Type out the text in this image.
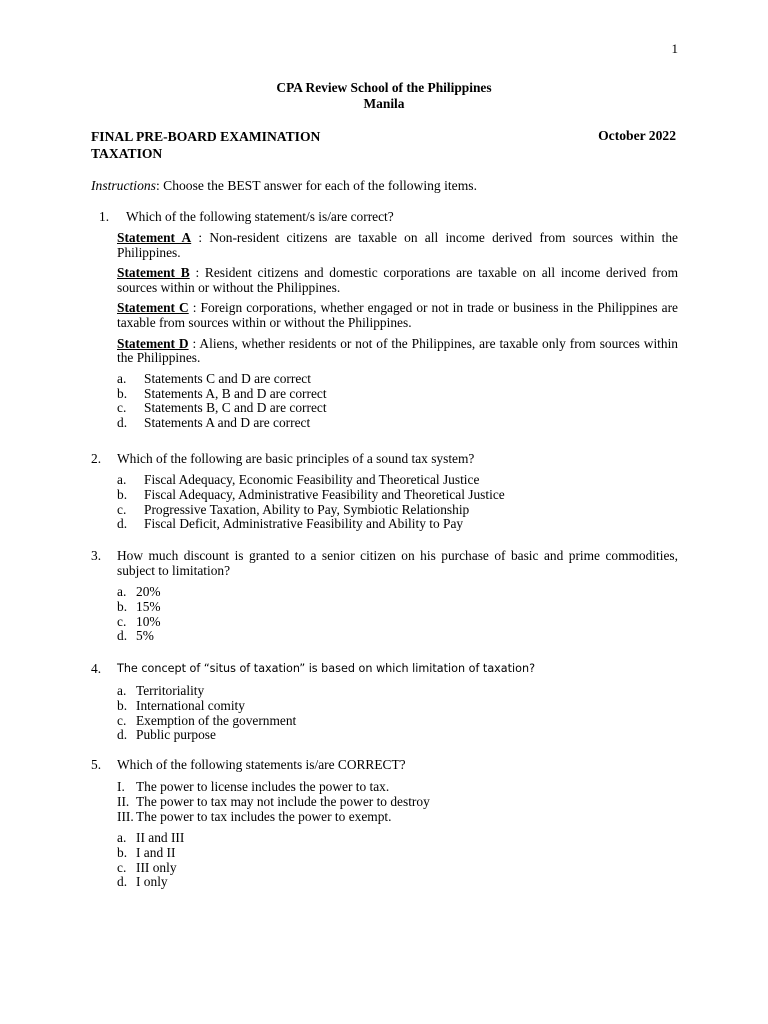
1
CPA Review School of the Philippines
Manila
FINAL PRE-BOARD EXAMINATION
TAXATION
October 2022
Instructions: Choose the BEST answer for each of the following items.
1.	Which of the following statement/s is/are correct?
Statement A : Non-resident citizens are taxable on all income derived from sources within the Philippines.
Statement B : Resident citizens and domestic corporations are taxable on all income derived from sources within or without the Philippines.
Statement C : Foreign corporations, whether engaged or not in trade or business in the Philippines are taxable from sources within or without the Philippines.
Statement D : Aliens, whether residents or not of the Philippines, are taxable only from sources within the Philippines.
a.	Statements C and D are correct
b.	Statements A, B and D are correct
c.	Statements B, C and D are correct
d.	Statements A and D are correct
2.	Which of the following are basic principles of a sound tax system?
a.	Fiscal Adequacy, Economic Feasibility and Theoretical Justice
b.	Fiscal Adequacy, Administrative Feasibility and Theoretical Justice
c.	Progressive Taxation, Ability to Pay, Symbiotic Relationship
d.	Fiscal Deficit, Administrative Feasibility and Ability to Pay
3.	How much discount is granted to a senior citizen on his purchase of basic and prime commodities, subject to limitation?
a. 20%
b. 15%
c. 10%
d. 5%
4.	The concept of “situs of taxation” is based on which limitation of taxation?
a. Territoriality
b. International comity
c. Exemption of the government
d. Public purpose
5.	Which of the following statements is/are CORRECT?
I. The power to license includes the power to tax.
II. The power to tax may not include the power to destroy
III. The power to tax includes the power to exempt.
a. II and III
b. I and II
c. III only
d. I only
